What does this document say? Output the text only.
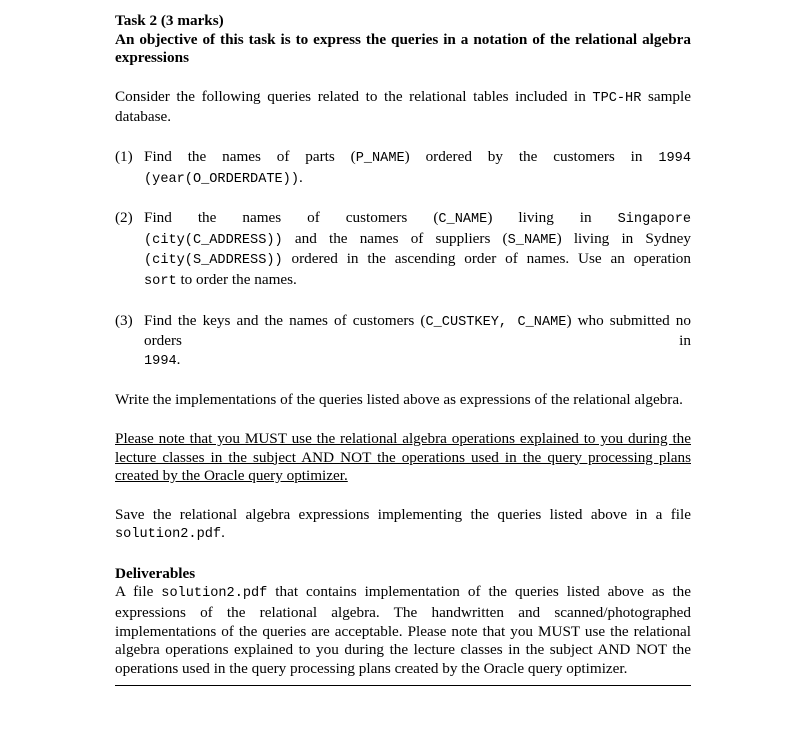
Task 2 (3 marks)

An objective of this task is to express the queries in a notation of the relational algebra expressions

Consider the following queries related to the relational tables included in TPC-HR sample database.

(1) Find the names of parts (P_NAME) ordered by the customers in 1994
(year(O_ORDERDATE)).
(2) Find the names of customers (C_NAME) living in Singapore
(city(C_ADDRESS)) and the names of suppliers (S_NAME) living in Sydney
(city(S_ADDRESS)) ordered in the ascending order of names. Use an operation
sort to order the names.
(3) Find the keys and the names of customers (C_CUSTKEY, C_NAME) who submitted no orders in
1994.

Write the implementations of the queries listed above as expressions of the relational algebra.

Please note that you MUST use the relational algebra operations explained to you during the lecture classes in the subject AND NOT the operations used in the query processing plans created by the Oracle query optimizer.

Save the relational algebra expressions implementing the queries listed above in a file solution2.pdf.

Deliverables

A file solution2.pdf that contains implementation of the queries listed above as the expressions of the relational algebra. The handwritten and scanned/photographed implementations of the queries are acceptable. Please note that you MUST use the relational algebra operations explained to you during the lecture classes in the subject AND NOT the operations used in the query processing plans created by the Oracle query optimizer.
